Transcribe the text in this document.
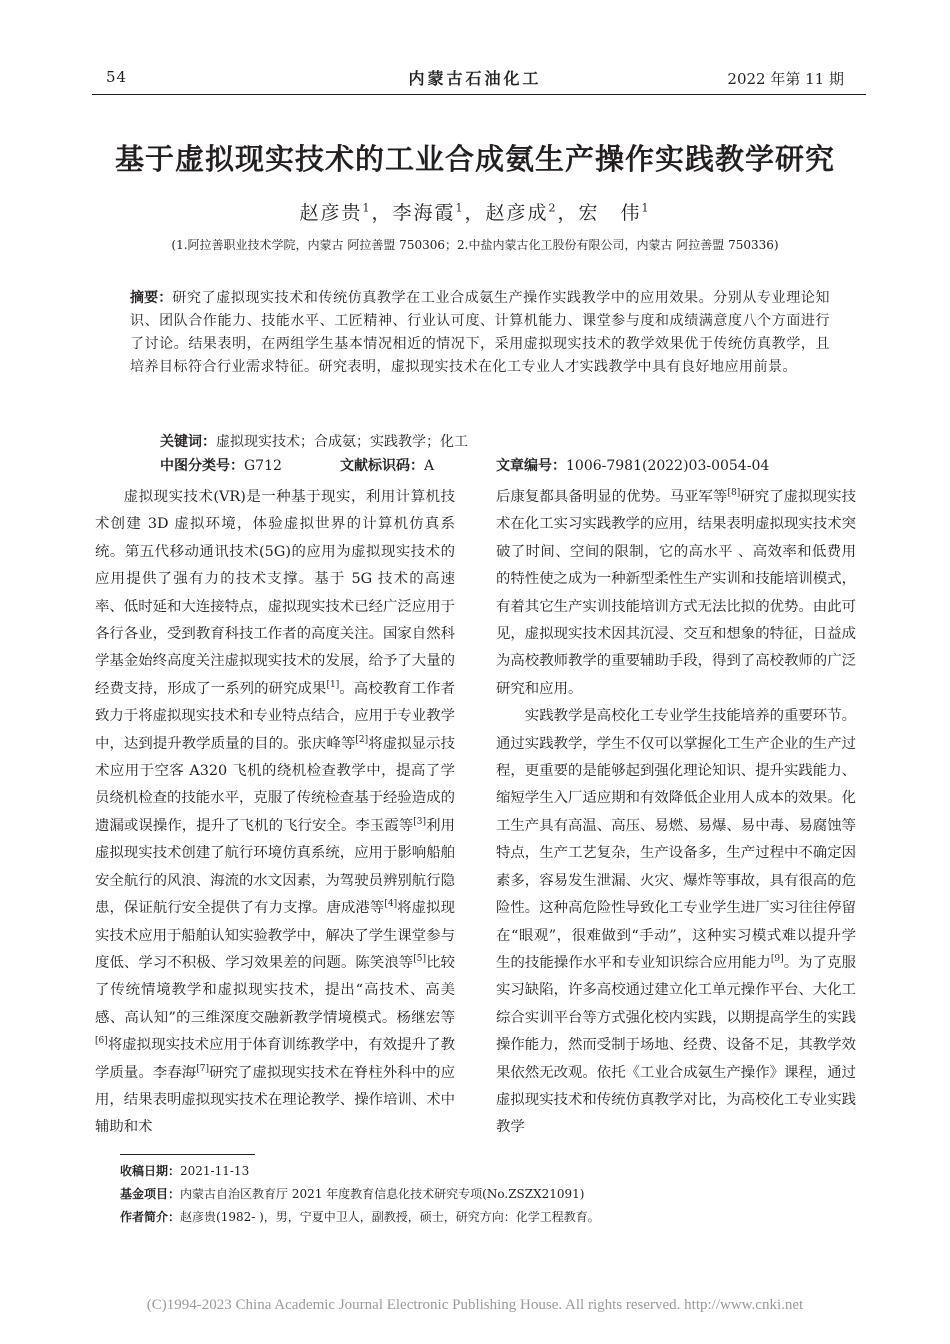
54	内蒙古石油化工	2022 年第 11 期
基于虚拟现实技术的工业合成氨生产操作实践教学研究
赵彦贵$^1$，李海霞$^1$，赵彦成$^2$，宏　伟$^1$
(1.阿拉善职业技术学院，内蒙古 阿拉善盟 750306；2.中盐内蒙古化工股份有限公司，内蒙古 阿拉善盟 750336)
摘要：研究了虚拟现实技术和传统仿真教学在工业合成氨生产操作实践教学中的应用效果。分别从专业理论知识、团队合作能力、技能水平、工匠精神、行业认可度、计算机能力、课堂参与度和成绩满意度八个方面进行了讨论。结果表明，在两组学生基本情况相近的情况下，采用虚拟现实技术的教学效果优于传统仿真教学，且培养目标符合行业需求特征。研究表明，虚拟现实技术在化工专业人才实践教学中具有良好地应用前景。
关键词：虚拟现实技术；合成氨；实践教学；化工
中图分类号：G712	文献标识码：A	文章编号：1006-7981(2022)03-0054-04

虚拟现实技术(VR)是一种基于现实，利用计算机技术创建 3D 虚拟环境，体验虚拟世界的计算机仿真系统。第五代移动通讯技术(5G)的应用为虚拟现实技术的应用提供了强有力的技术支撑。基于 5G 技术的高速率、低时延和大连接特点，虚拟现实技术已经广泛应用于各行各业，受到教育科技工作者的高度关注。国家自然科学基金始终高度关注虚拟现实技术的发展，给予了大量的经费支持，形成了一系列的研究成果[1]。高校教育工作者致力于将虚拟现实技术和专业特点结合，应用于专业教学中，达到提升教学质量的目的。张庆峰等[2]将虚拟显示技术应用于空客 A320 飞机的绕机检查教学中，提高了学员绕机检查的技能水平，克服了传统检查基于经验造成的遗漏或误操作，提升了飞机的飞行安全。李玉霞等[3]利用虚拟现实技术创建了航行环境仿真系统，应用于影响船舶安全航行的风浪、海流的水文因素，为驾驶员辨别航行隐患，保证航行安全提供了有力支撑。唐成港等[4]将虚拟现实技术应用于船舶认知实验教学中，解决了学生课堂参与度低、学习不积极、学习效果差的问题。陈笑浪等[5]比较了传统情境教学和虚拟现实技术，提出“高技术、高美感、高认知”的三维深度交融新教学情境模式。杨继宏等[6]将虚拟现实技术应用于体育训练教学中，有效提升了教学质量。李春海[7]研究了虚拟现实技术在脊柱外科中的应用，结果表明虚拟现实技术在理论教学、操作培训、术中辅助和术

后康复都具备明显的优势。马亚军等[8]研究了虚拟现实技术在化工实习实践教学的应用，结果表明虚拟现实技术突破了时间、空间的限制，它的高水平 、高效率和低费用的特性使之成为一种新型柔性生产实训和技能培训模式，有着其它生产实训技能培训方式无法比拟的优势。由此可见，虚拟现实技术因其沉浸、交互和想象的特征，日益成为高校教师教学的重要辅助手段，得到了高校教师的广泛研究和应用。

实践教学是高校化工专业学生技能培养的重要环节。通过实践教学，学生不仅可以掌握化工生产企业的生产过程，更重要的是能够起到强化理论知识、提升实践能力、缩短学生入厂适应期和有效降低企业用人成本的效果。化工生产具有高温、高压、易燃、易爆、易中毒、易腐蚀等特点，生产工艺复杂，生产设备多，生产过程中不确定因素多，容易发生泄漏、火灾、爆炸等事故，具有很高的危险性。这种高危险性导致化工专业学生进厂实习往往停留在“眼观”，很难做到“手动”，这种实习模式难以提升学生的技能操作水平和专业知识综合应用能力[9]。为了克服实习缺陷，许多高校通过建立化工单元操作平台、大化工综合实训平台等方式强化校内实践，以期提高学生的实践操作能力，然而受制于场地、经费、设备不足，其教学效果依然无改观。依托《工业合成氨生产操作》课程，通过虚拟现实技术和传统仿真教学对比，为高校化工专业实践教学

收稿日期：2021-11-13
基金项目：内蒙古自治区教育厅 2021 年度教育信息化技术研究专项(No.ZSZX21091)
作者简介：赵彦贵(1982- )，男，宁夏中卫人，副教授，硕士，研究方向：化学工程教育。
(C)1994-2023 China Academic Journal Electronic Publishing House. All rights reserved. http://www.cnki.net
